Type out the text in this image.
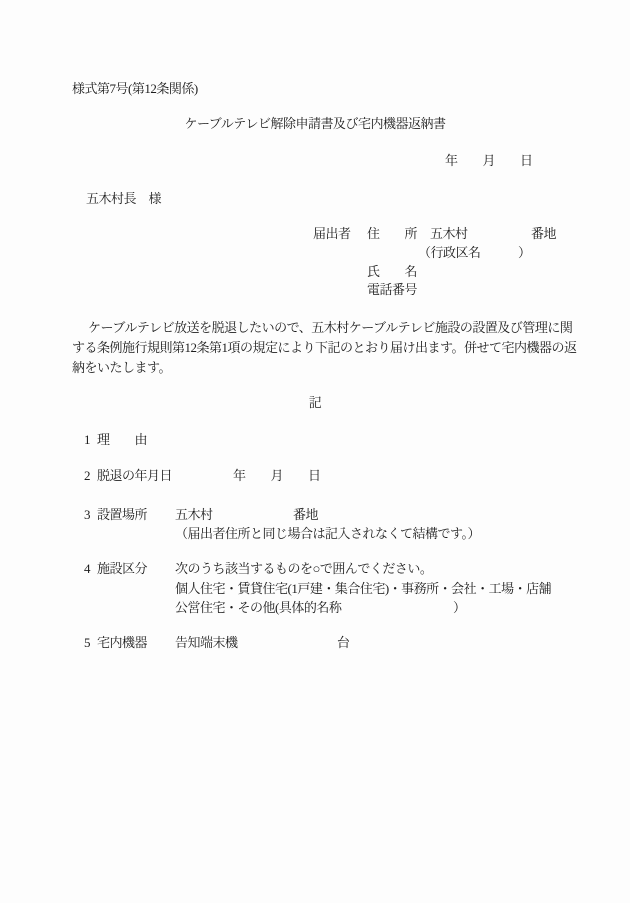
様式第7号(第12条関係)
ケーブルテレビ解除申請書及び宅内機器返納書
年　　月　　日
五木村長　様
届出者 住　　所 五木村	番地
（行政区名　　　）
氏　　名
電話番号
ケーブルテレビ放送を脱退したいので、五木村ケーブルテレビ施設の設置及び管理に関
する条例施行規則第12条第1項の規定により下記のとおり届け出ます。併せて宅内機器の返
納をいたします。
記
1 理　　由
2 脱退の年月日	年　　月　　日
3 設置場所 五木村	番地
（届出者住所と同じ場合は記入されなくて結構です。）
4 施設区分 次のうち該当するものを○で囲んでください。
個人住宅・賃貸住宅(1戸建・集合住宅)・事務所・会社・工場・店舗
公営住宅・その他(具体的名称	）
5 宅内機器 告知端末機	台
